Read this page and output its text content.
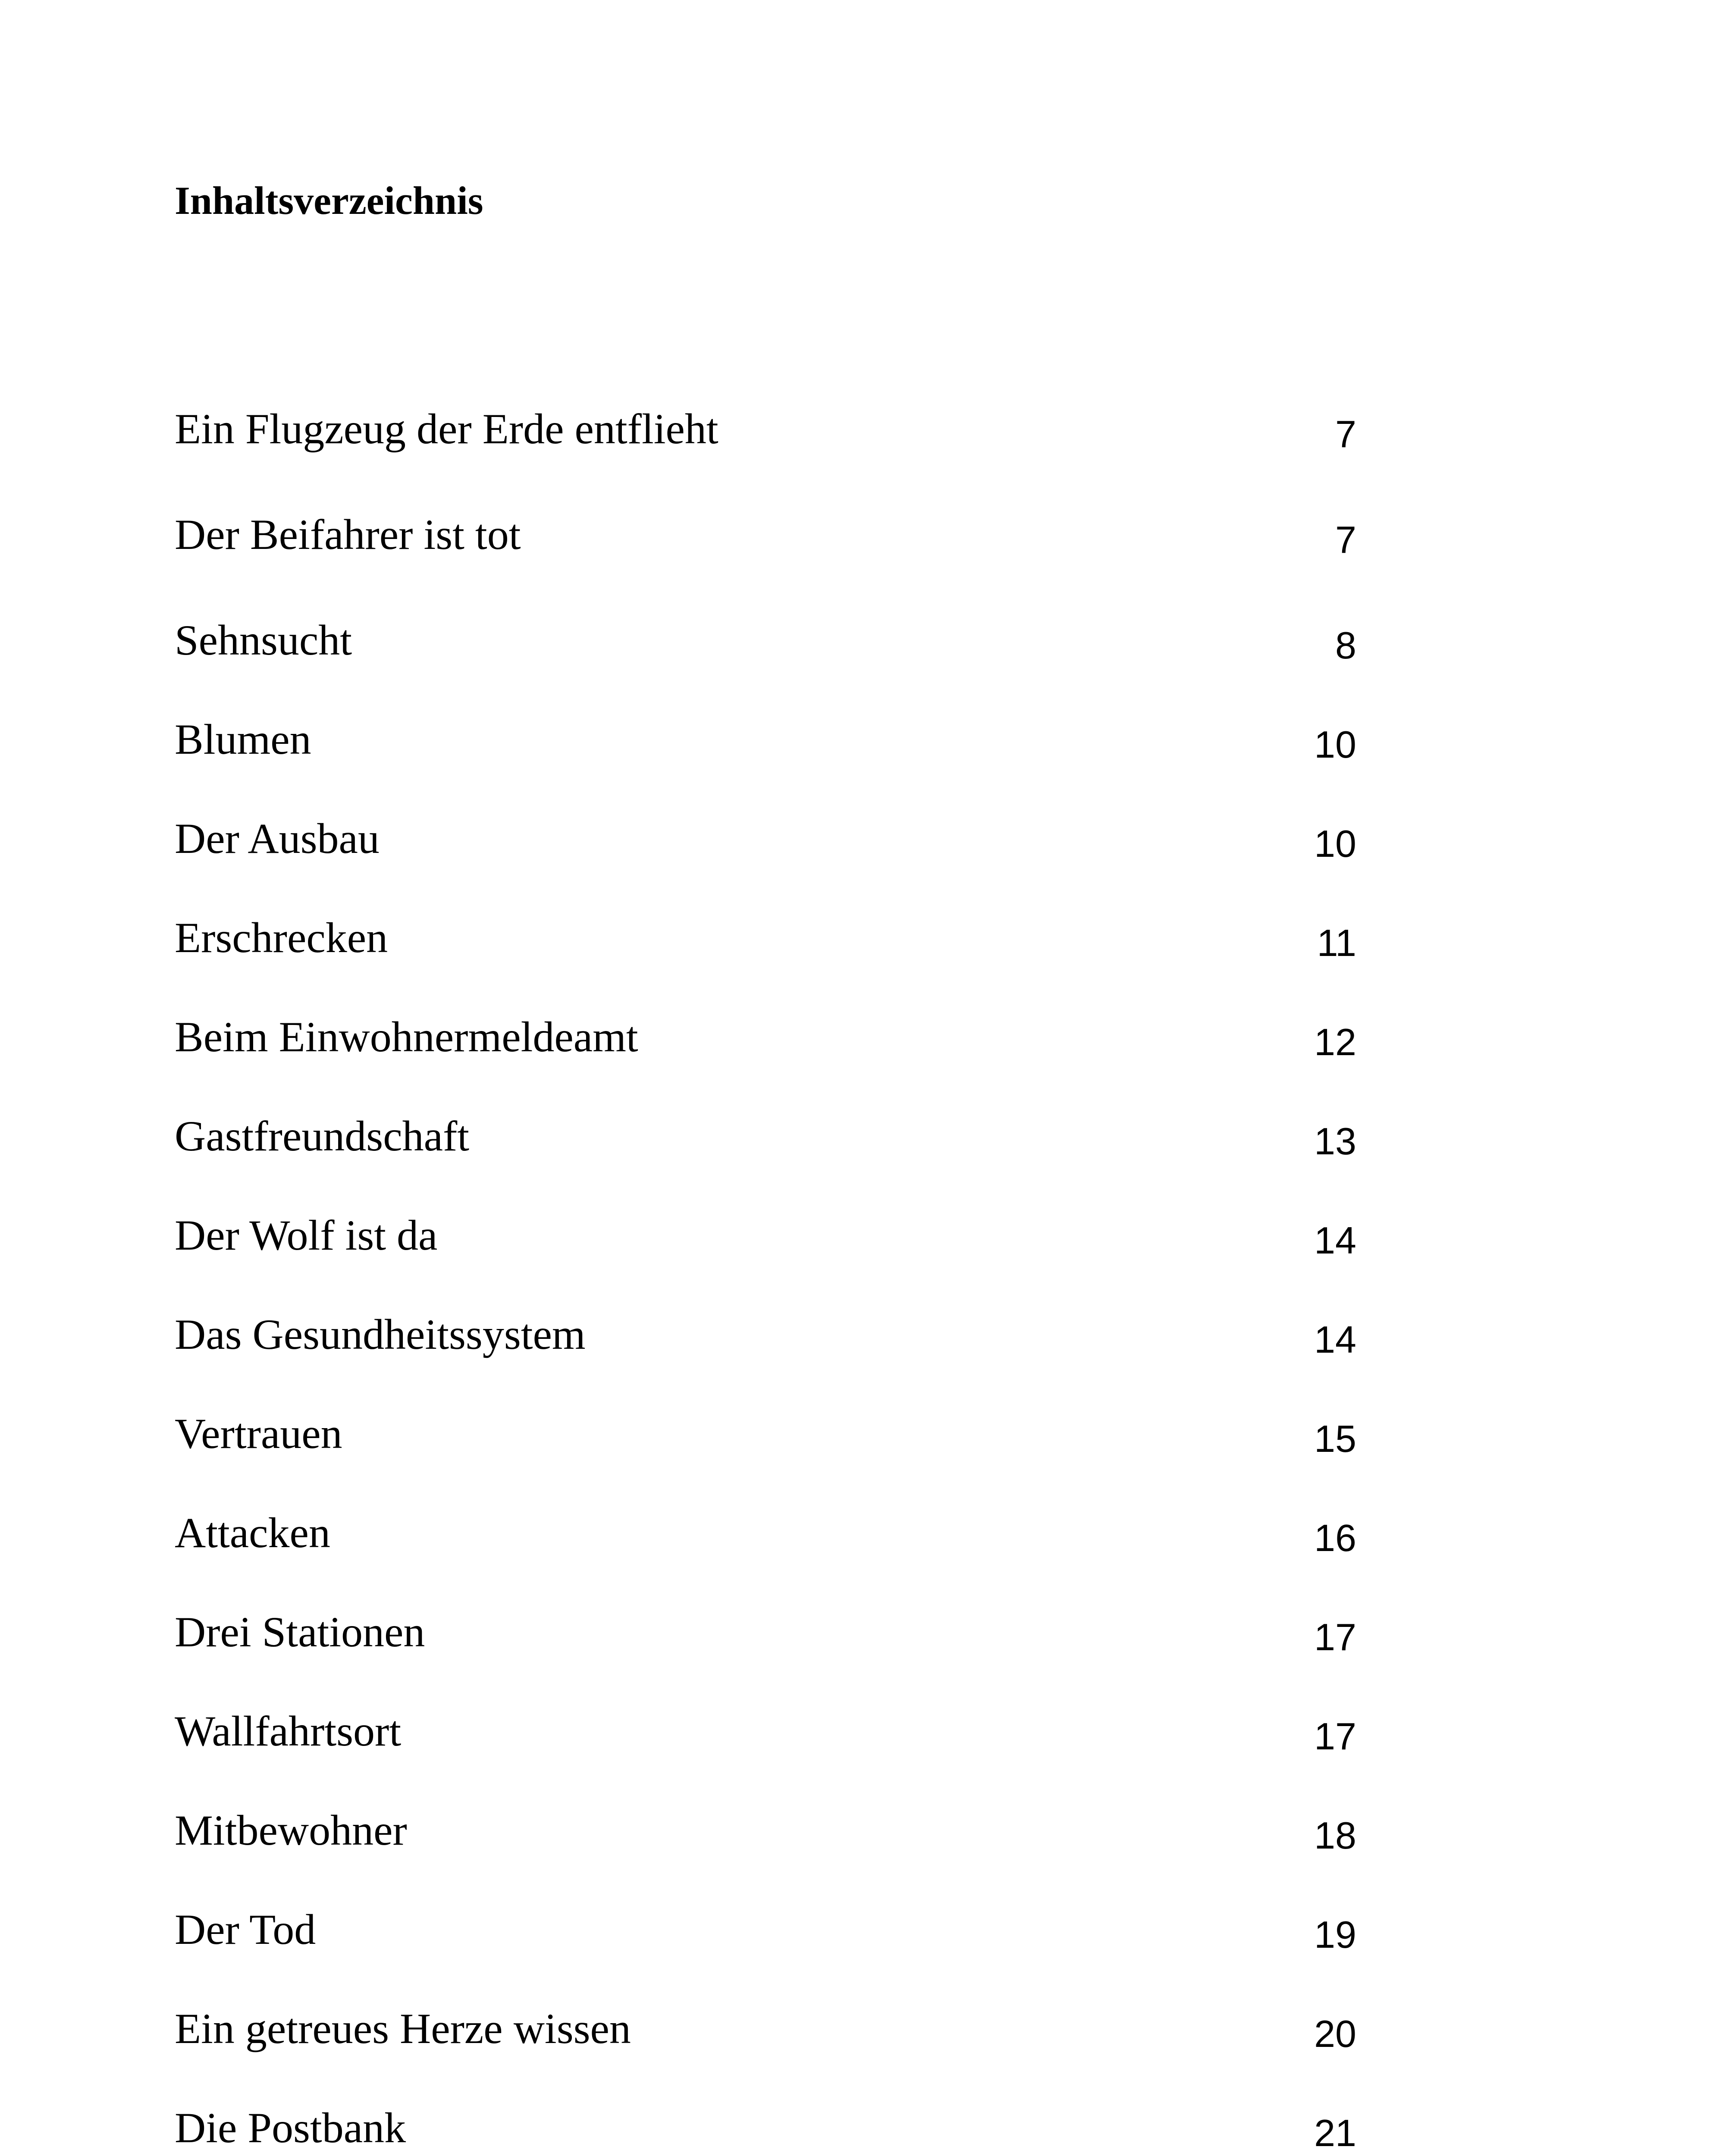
Inhaltsverzeichnis
Ein Flugzeug der Erde entflieht	7
Der Beifahrer ist tot	7
Sehnsucht	8
Blumen	10
Der Ausbau	10
Erschrecken	11
Beim Einwohnermeldeamt	12
Gastfreundschaft	13
Der Wolf ist da	14
Das Gesundheitssystem	14
Vertrauen	15
Attacken	16
Drei Stationen	17
Wallfahrtsort	17
Mitbewohner	18
Der Tod	19
Ein getreues Herze wissen	20
Die Postbank	21
